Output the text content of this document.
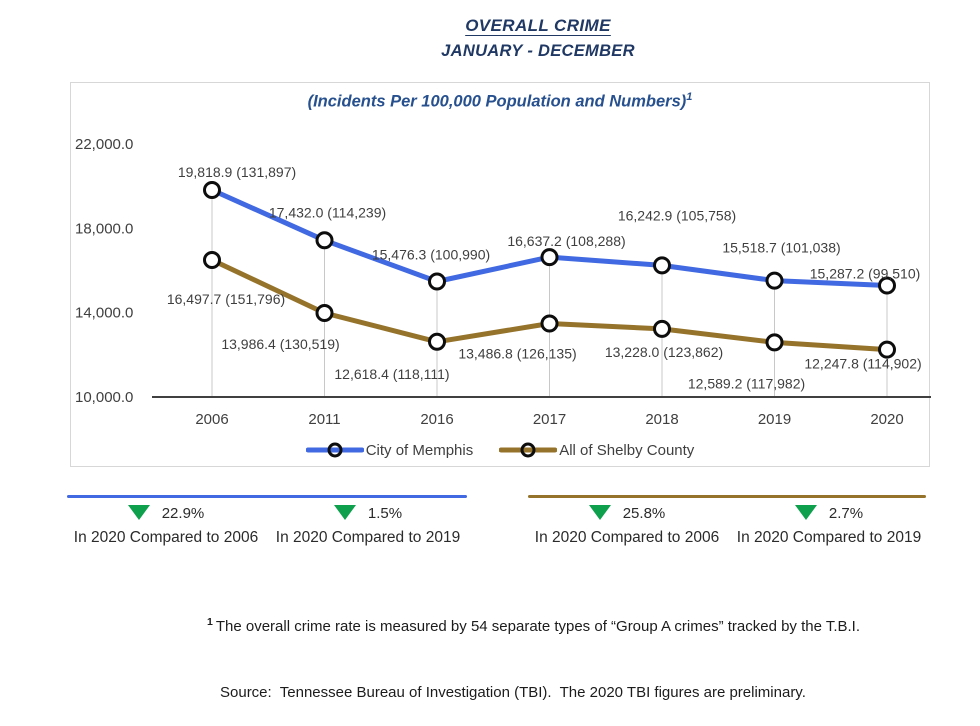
OVERALL CRIME
JANUARY - DECEMBER
(Incidents Per 100,000 Population and Numbers)$^1$
22,000.0
18,000.0
14,000.0
10,000.0
2006	2011	2016	2017	2018	2019	2020
19,818.9 (131,897)
17,432.0 (114,239)
15,476.3 (100,990)
16,637.2 (108,288)
16,242.9 (105,758)
15,518.7 (101,038)
15,287.2 (99,510)
16,497.7 (151,796)
13,986.4 (130,519)
12,618.4 (118,111)
13,486.8 (126,135) 13,228.0 (123,862)
12,589.2 (117,982)
12,247.8 (114,902)
City of Memphis	All of Shelby County
22.9%
In 2020 Compared to 2006
1.5%
In 2020 Compared to 2019
25.8%
In 2020 Compared to 2006
2.7%
In 2020 Compared to 2019

$^1$ The overall crime rate is measured by 54 separate types of “Group A crimes” tracked by the T.B.I.

Source:  Tennessee Bureau of Investigation (TBI).  The 2020 TBI figures are preliminary.
